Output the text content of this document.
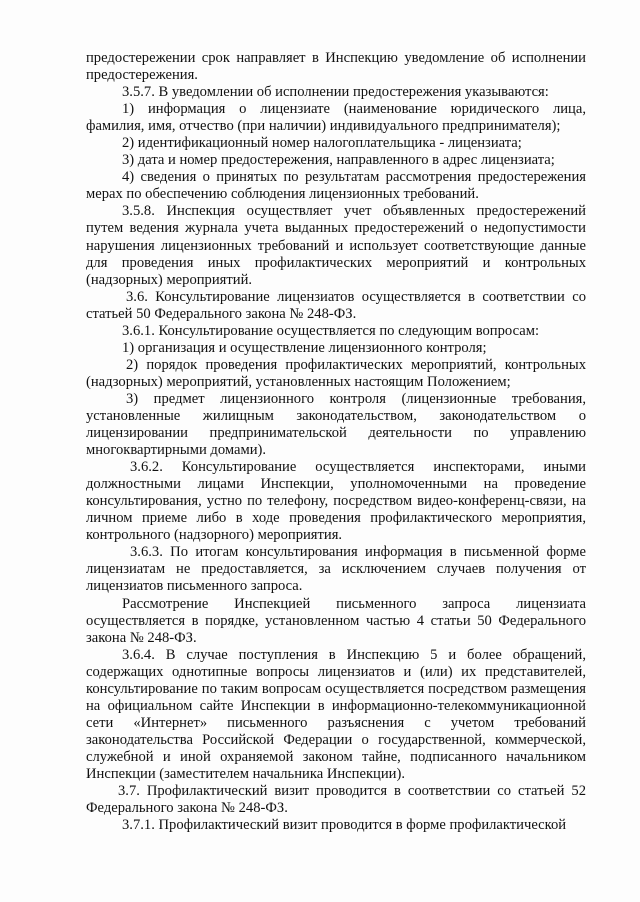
предостережении срок направляет в Инспекцию уведомление об исполнении предостережения.

3.5.7. В уведомлении об исполнении предостережения указываются:

1) информация о лицензиате (наименование юридического лица, фамилия, имя, отчество (при наличии) индивидуального предпринимателя);

2) идентификационный номер налогоплательщика - лицензиата;

3) дата и номер предостережения, направленного в адрес лицензиата;

4) сведения о принятых по результатам рассмотрения предостережения мерах по обеспечению соблюдения лицензионных требований.

3.5.8. Инспекция осуществляет учет объявленных предостережений путем ведения журнала учета выданных предостережений о недопустимости нарушения лицензионных требований и использует соответствующие данные для проведения иных профилактических мероприятий и контрольных (надзорных) мероприятий.

3.6. Консультирование лицензиатов осуществляется в соответствии со статьей 50 Федерального закона № 248-ФЗ.

3.6.1. Консультирование осуществляется по следующим вопросам:

1) организация и осуществление лицензионного контроля;

2) порядок проведения профилактических мероприятий, контрольных (надзорных) мероприятий, установленных настоящим Положением;

3) предмет лицензионного контроля (лицензионные требования, установленные жилищным законодательством, законодательством о лицензировании предпринимательской деятельности по управлению многоквартирными домами).

3.6.2. Консультирование осуществляется инспекторами, иными должностными лицами Инспекции, уполномоченными на проведение консультирования, устно по телефону, посредством видео-конференц-связи, на личном приеме либо в ходе проведения профилактического мероприятия, контрольного (надзорного) мероприятия.

3.6.3. По итогам консультирования информация в письменной форме лицензиатам не предоставляется, за исключением случаев получения от лицензиатов письменного запроса.

Рассмотрение Инспекцией письменного запроса лицензиата осуществляется в порядке, установленном частью 4 статьи 50 Федерального закона № 248-ФЗ.

3.6.4. В случае поступления в Инспекцию 5 и более обращений, содержащих однотипные вопросы лицензиатов и (или) их представителей, консультирование по таким вопросам осуществляется посредством размещения на официальном сайте Инспекции в информационно-телекоммуникационной сети «Интернет» письменного разъяснения с учетом требований законодательства Российской Федерации о государственной, коммерческой, служебной и иной охраняемой законом тайне, подписанного начальником Инспекции (заместителем начальника Инспекции).

3.7. Профилактический визит проводится в соответствии со статьей 52 Федерального закона № 248-ФЗ.

3.7.1. Профилактический визит проводится в форме профилактической
